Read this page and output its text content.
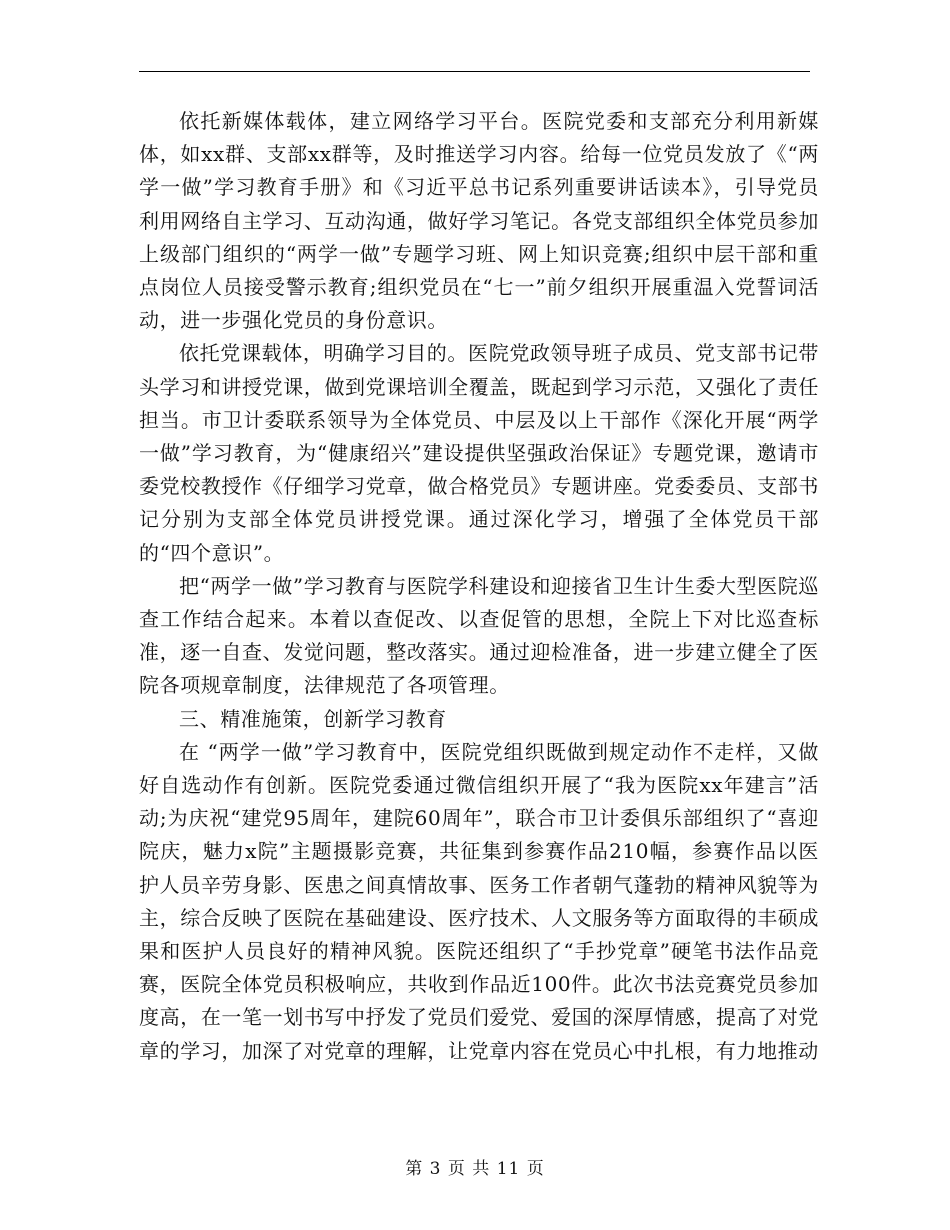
依托新媒体载体，建立网络学习平台。医院党委和支部充分利用新媒体，如xx群、支部xx群等，及时推送学习内容。给每一位党员发放了《“两学一做”学习教育手册》和《习近平总书记系列重要讲话读本》，引导党员利用网络自主学习、互动沟通，做好学习笔记。各党支部组织全体党员参加上级部门组织的“两学一做”专题学习班、网上知识竞赛;组织中层干部和重点岗位人员接受警示教育;组织党员在“七一”前夕组织开展重温入党誓词活动，进一步强化党员的身份意识。

依托党课载体，明确学习目的。医院党政领导班子成员、党支部书记带头学习和讲授党课，做到党课培训全覆盖，既起到学习示范，又强化了责任担当。市卫计委联系领导为全体党员、中层及以上干部作《深化开展“两学一做”学习教育，为“健康绍兴”建设提供坚强政治保证》专题党课，邀请市委党校教授作《仔细学习党章，做合格党员》专题讲座。党委委员、支部书记分别为支部全体党员讲授党课。通过深化学习，增强了全体党员干部的“四个意识”。

把“两学一做”学习教育与医院学科建设和迎接省卫生计生委大型医院巡查工作结合起来。本着以查促改、以查促管的思想，全院上下对比巡查标准，逐一自查、发觉问题，整改落实。通过迎检准备，进一步建立健全了医院各项规章制度，法律规范了各项管理。

三、精准施策，创新学习教育

在 “两学一做”学习教育中，医院党组织既做到规定动作不走样，又做好自选动作有创新。医院党委通过微信组织开展了“我为医院xx年建言”活动;为庆祝“建党95周年，建院60周年”，联合市卫计委俱乐部组织了“喜迎院庆，魅力x院”主题摄影竞赛，共征集到参赛作品210幅，参赛作品以医护人员辛劳身影、医患之间真情故事、医务工作者朝气蓬勃的精神风貌等为主，综合反映了医院在基础建设、医疗技术、人文服务等方面取得的丰硕成果和医护人员良好的精神风貌。医院还组织了“手抄党章”硬笔书法作品竞赛，医院全体党员积极响应，共收到作品近100件。此次书法竞赛党员参加度高，在一笔一划书写中抒发了党员们爱党、爱国的深厚情感，提高了对党章的学习，加深了对党章的理解，让党章内容在党员心中扎根，有力地推动

第 3 页 共 11 页
